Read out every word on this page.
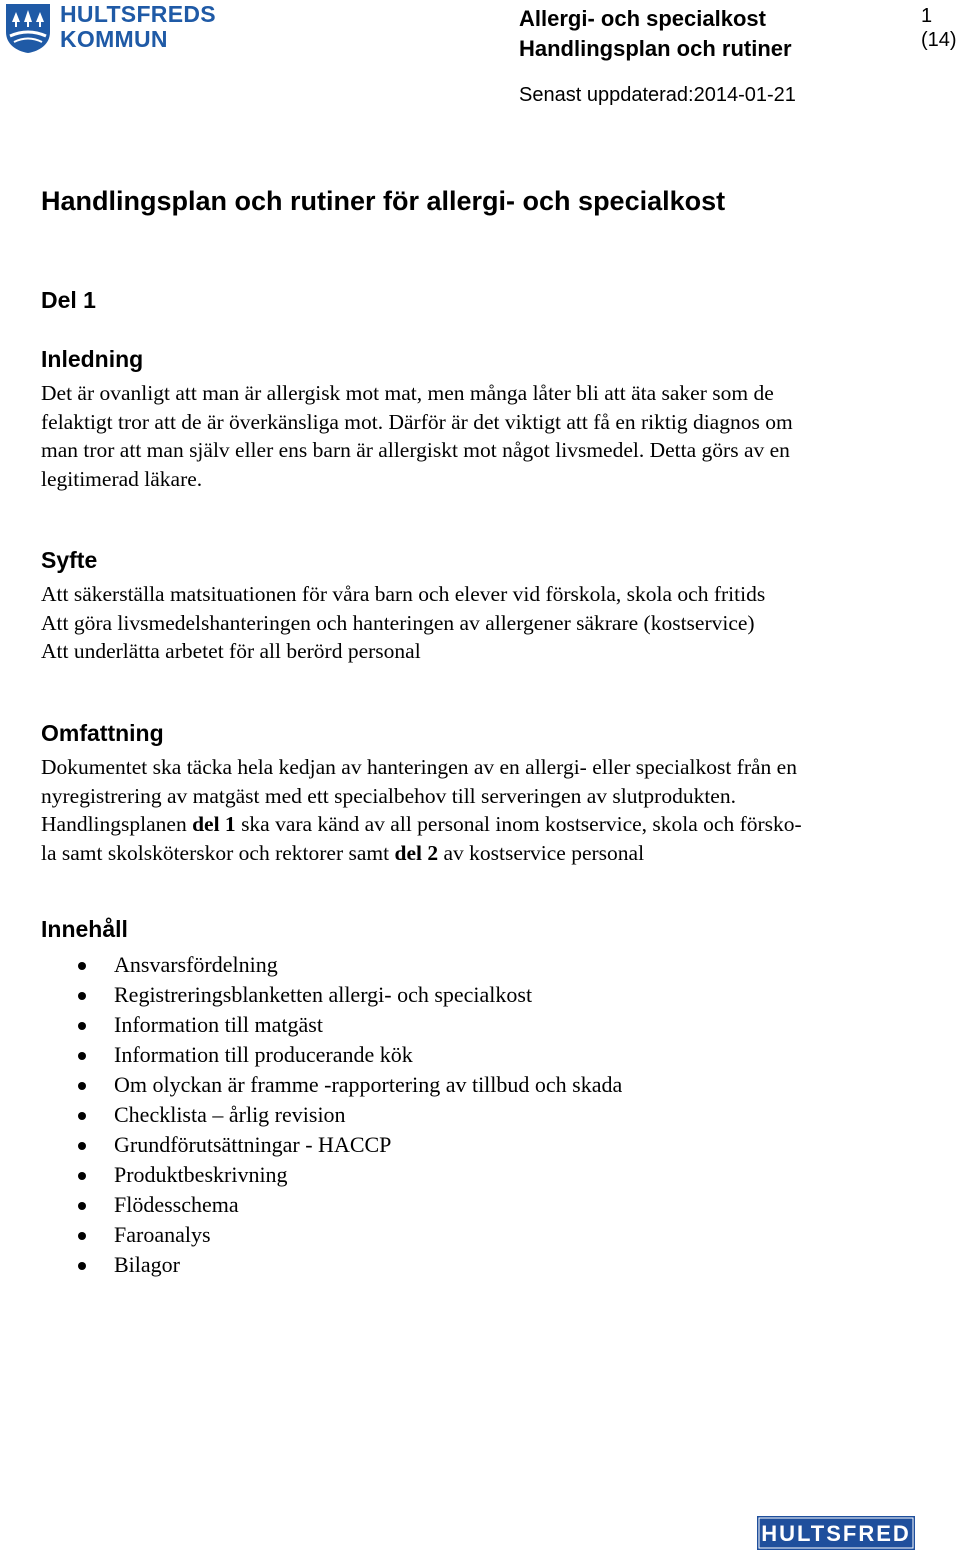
HULTSFREDS
KOMMUN
Allergi- och specialkost
Handlingsplan och rutiner
1
(14)
Senast uppdaterad:2014-01-21
Handlingsplan och rutiner för allergi- och specialkost
Del 1
Inledning
Det är ovanligt att man är allergisk mot mat, men många låter bli att äta saker som de
felaktigt tror att de är överkänsliga mot. Därför är det viktigt att få en riktig diagnos om
man tror att man själv eller ens barn är allergiskt mot något livsmedel. Detta görs av en
legitimerad läkare.
Syfte
Att säkerställa matsituationen för våra barn och elever vid förskola, skola och fritids
Att göra livsmedelshanteringen och hanteringen av allergener säkrare (kostservice)
Att underlätta arbetet för all berörd personal
Omfattning
Dokumentet ska täcka hela kedjan av hanteringen av en allergi- eller specialkost från en
nyregistrering av matgäst med ett specialbehov till serveringen av slutprodukten.
Handlingsplanen del 1 ska vara känd av all personal inom kostservice, skola och försko-
la samt skolsköterskor och rektorer samt del 2 av kostservice personal
Innehåll
Ansvarsfördelning
Registreringsblanketten allergi- och specialkost
Information till matgäst
Information till producerande kök
Om olyckan är framme -rapportering av tillbud och skada
Checklista – årlig revision
Grundförutsättningar - HACCP
Produktbeskrivning
Flödesschema
Faroanalys
Bilagor
HULTSFRED
